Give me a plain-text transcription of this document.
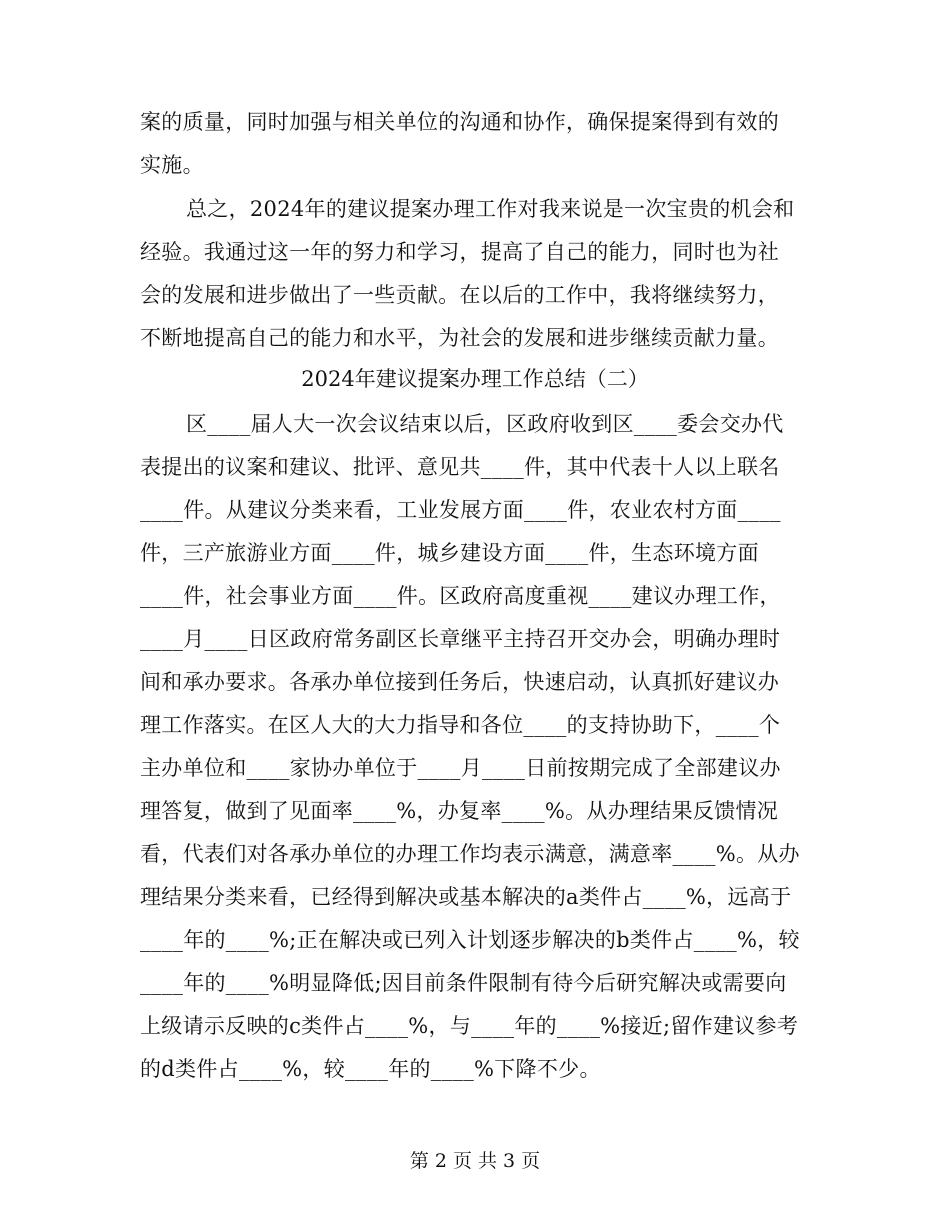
案的质量，同时加强与相关单位的沟通和协作，确保提案得到有效的
实施。
总之，2024年的建议提案办理工作对我来说是一次宝贵的机会和
经验。我通过这一年的努力和学习，提高了自己的能力，同时也为社
会的发展和进步做出了一些贡献。在以后的工作中，我将继续努力，
不断地提高自己的能力和水平，为社会的发展和进步继续贡献力量。
2024年建议提案办理工作总结（二）
区____届人大一次会议结束以后，区政府收到区____委会交办代
表提出的议案和建议、批评、意见共____件，其中代表十人以上联名
____件。从建议分类来看，工业发展方面____件，农业农村方面____
件，三产旅游业方面____件，城乡建设方面____件，生态环境方面
____件，社会事业方面____件。区政府高度重视____建议办理工作，
____月____日区政府常务副区长章继平主持召开交办会，明确办理时
间和承办要求。各承办单位接到任务后，快速启动，认真抓好建议办
理工作落实。在区人大的大力指导和各位____的支持协助下，____个
主办单位和____家协办单位于____月____日前按期完成了全部建议办
理答复，做到了见面率____%，办复率____%。从办理结果反馈情况
看，代表们对各承办单位的办理工作均表示满意，满意率____%。从办
理结果分类来看，已经得到解决或基本解决的a类件占____%，远高于
____年的____%;正在解决或已列入计划逐步解决的b类件占____%，较
____年的____%明显降低;因目前条件限制有待今后研究解决或需要向
上级请示反映的c类件占____%，与____年的____%接近;留作建议参考
的d类件占____%，较____年的____%下降不少。
第 2 页 共 3 页
